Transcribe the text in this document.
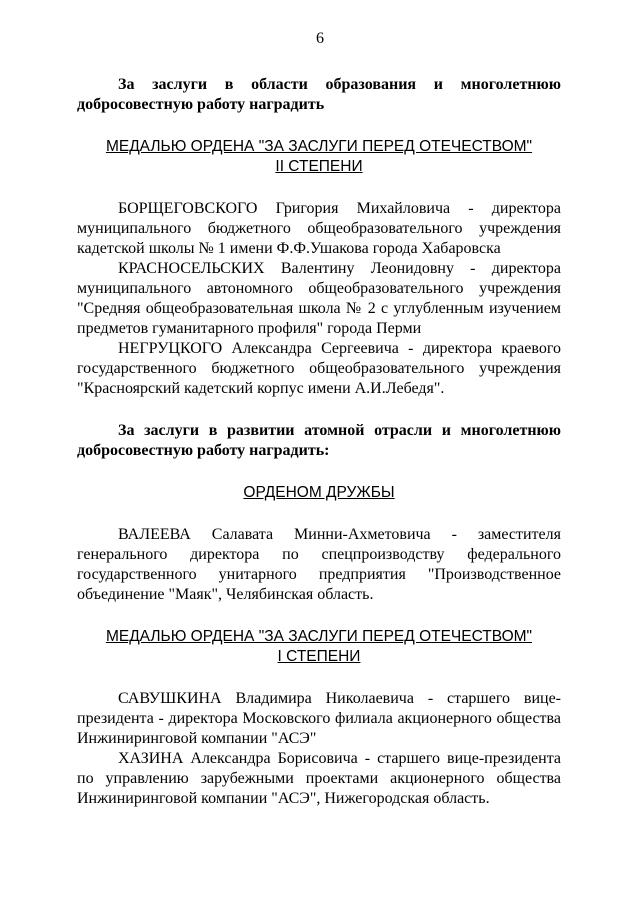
6

За заслуги в области образования и многолетнюю добросовестную работу наградить

МЕДАЛЬЮ ОРДЕНА "ЗА ЗАСЛУГИ ПЕРЕД ОТЕЧЕСТВОМ"
II СТЕПЕНИ

БОРЩЕГОВСКОГО Григория Михайловича - директора муниципального бюджетного общеобразовательного учреждения кадетской школы № 1 имени Ф.Ф.Ушакова города Хабаровска

КРАСНОСЕЛЬСКИХ Валентину Леонидовну - директора муниципального автономного общеобразовательного учреждения "Средняя общеобразовательная школа № 2 с углубленным изучением предметов гуманитарного профиля" города Перми

НЕГРУЦКОГО Александра Сергеевича - директора краевого государственного бюджетного общеобразовательного учреждения "Красноярский кадетский корпус имени А.И.Лебедя".

За заслуги в развитии атомной отрасли и многолетнюю добросовестную работу наградить:

ОРДЕНОМ ДРУЖБЫ

ВАЛЕЕВА Салавата Минни-Ахметовича - заместителя генерального директора по спецпроизводству федерального государственного унитарного предприятия "Производственное объединение "Маяк", Челябинская область.

МЕДАЛЬЮ ОРДЕНА "ЗА ЗАСЛУГИ ПЕРЕД ОТЕЧЕСТВОМ"
I СТЕПЕНИ

САВУШКИНА Владимира Николаевича - старшего вице-президента - директора Московского филиала акционерного общества Инжиниринговой компании "АСЭ"

ХАЗИНА Александра Борисовича - старшего вице-президента по управлению зарубежными проектами акционерного общества Инжиниринговой компании "АСЭ", Нижегородская область.
